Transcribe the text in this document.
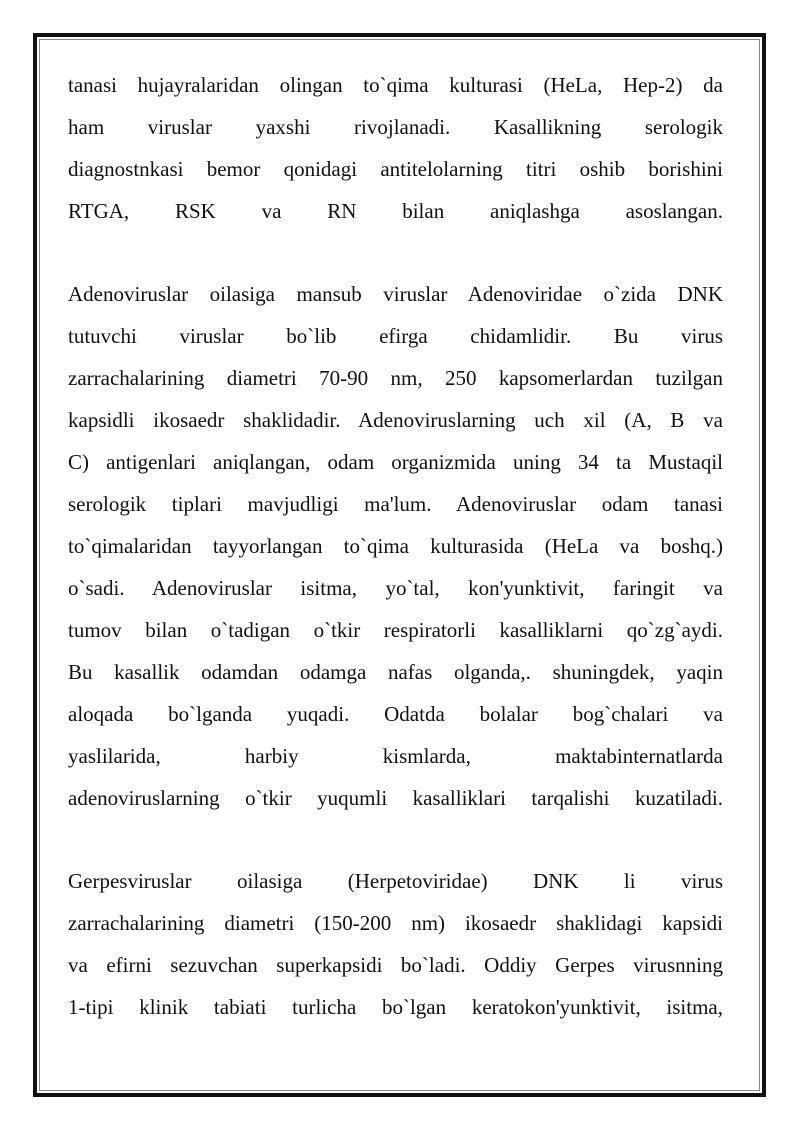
tanasi hujayralaridan olingan to`qima kulturasi (HeLa, Hep-2) da
ham viruslar yaxshi rivojlanadi. Kasallikning serologik
diagnostnkasi bemor qonidagi antitelolarning titri oshib borishini
RTGA, RSK va RN bilan aniqlashga asoslangan.
Adenoviruslar oilasiga mansub viruslar Adenoviridae o`zida DNK
tutuvchi viruslar bo`lib efirga chidamlidir. Bu virus
zarrachalarining diametri 70-90 nm, 250 kapsomerlardan tuzilgan
kapsidli ikosaedr shaklidadir. Adenoviruslarning uch xil (A, B va
C) antigenlari aniqlangan, odam organizmida uning 34 ta Mustaqil
serologik tiplari mavjudligi ma'lum. Adenoviruslar odam tanasi
to`qimalaridan tayyorlangan to`qima kulturasida (HeLa va boshq.)
o`sadi. Adenoviruslar isitma, yo`tal, kon'yunktivit, faringit va
tumov bilan o`tadigan o`tkir respiratorli kasalliklarni qo`zg`aydi.
Bu kasallik odamdan odamga nafas olganda,. shuningdek, yaqin
aloqada bo`lganda yuqadi. Odatda bolalar bog`chalari va
yaslilarida, harbiy kismlarda, maktabinternatlarda
adenoviruslarning o`tkir yuqumli kasalliklari tarqalishi kuzatiladi.
Gerpesviruslar oilasiga (Herpetoviridae) DNK li virus
zarrachalarining diametri (150-200 nm) ikosaedr shaklidagi kapsidi
va efirni sezuvchan superkapsidi bo`ladi. Oddiy Gerpes virusnning
1-tipi klinik tabiati turlicha bo`lgan keratokon'yunktivit, isitma,
